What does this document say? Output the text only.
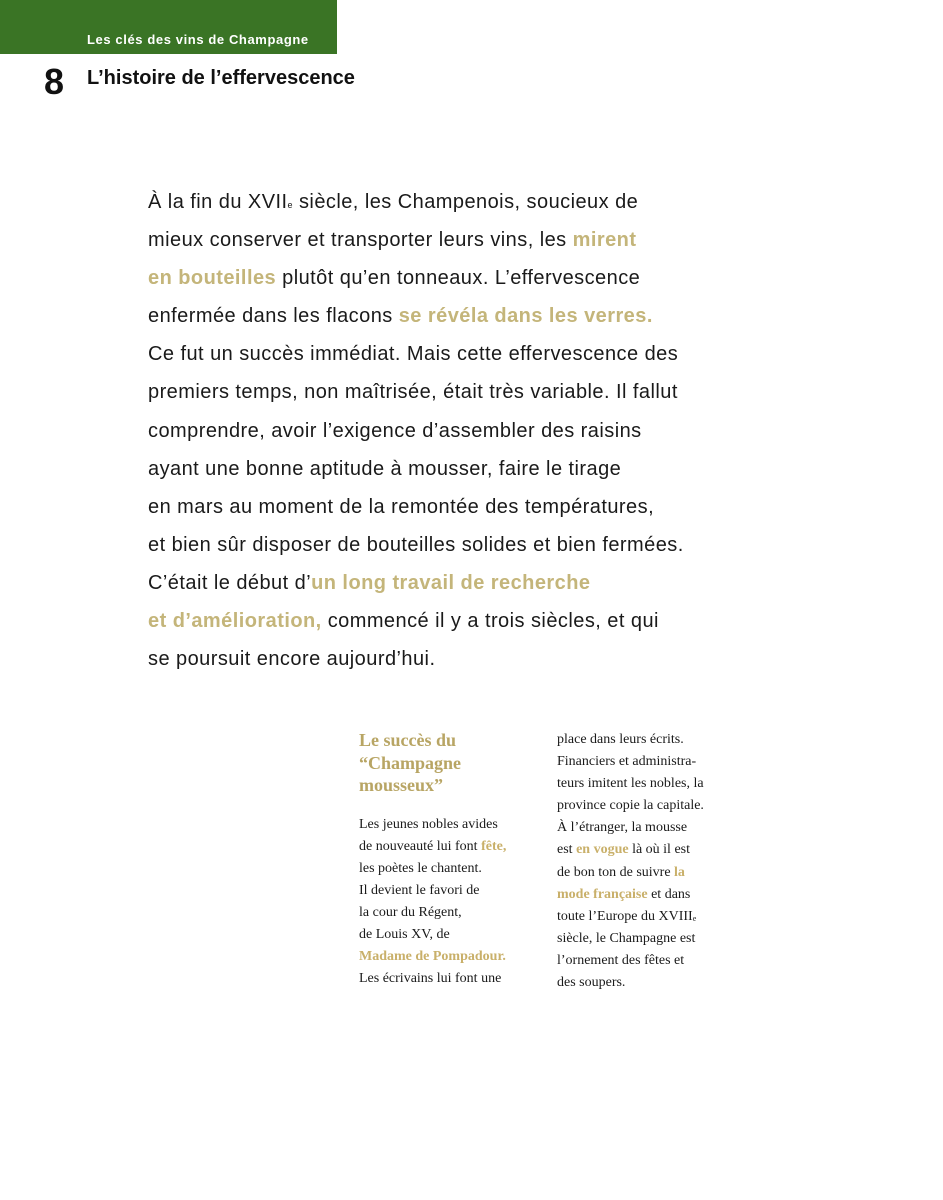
Les clés des vins de Champagne
8 L’histoire de l’effervescence
À la fin du XVIIe siècle, les Champenois, soucieux de
mieux conserver et transporter leurs vins, les mirent
en bouteilles plutôt qu’en tonneaux. L’effervescence
enfermée dans les flacons se révéla dans les verres.
Ce fut un succès immédiat. Mais cette effervescence des
premiers temps, non maîtrisée, était très variable. Il fallut
comprendre, avoir l’exigence d’assembler des raisins
ayant une bonne aptitude à mousser, faire le tirage
en mars au moment de la remontée des températures,
et bien sûr disposer de bouteilles solides et bien fermées.
C’était le début d’un long travail de recherche
et d’amélioration, commencé il y a trois siècles, et qui
se poursuit encore aujourd’hui.
Le succès du
“Champagne
mousseux”
Les jeunes nobles avides
de nouveauté lui font fête,
les poètes le chantent.
Il devient le favori de
la cour du Régent,
de Louis XV, de
Madame de Pompadour.
Les écrivains lui font une
place dans leurs écrits.
Financiers et administra-
teurs imitent les nobles, la
province copie la capitale.
À l’étranger, la mousse
est en vogue là où il est
de bon ton de suivre la
mode française et dans
toute l’Europe du XVIIIe
siècle, le Champagne est
l’ornement des fêtes et
des soupers.
